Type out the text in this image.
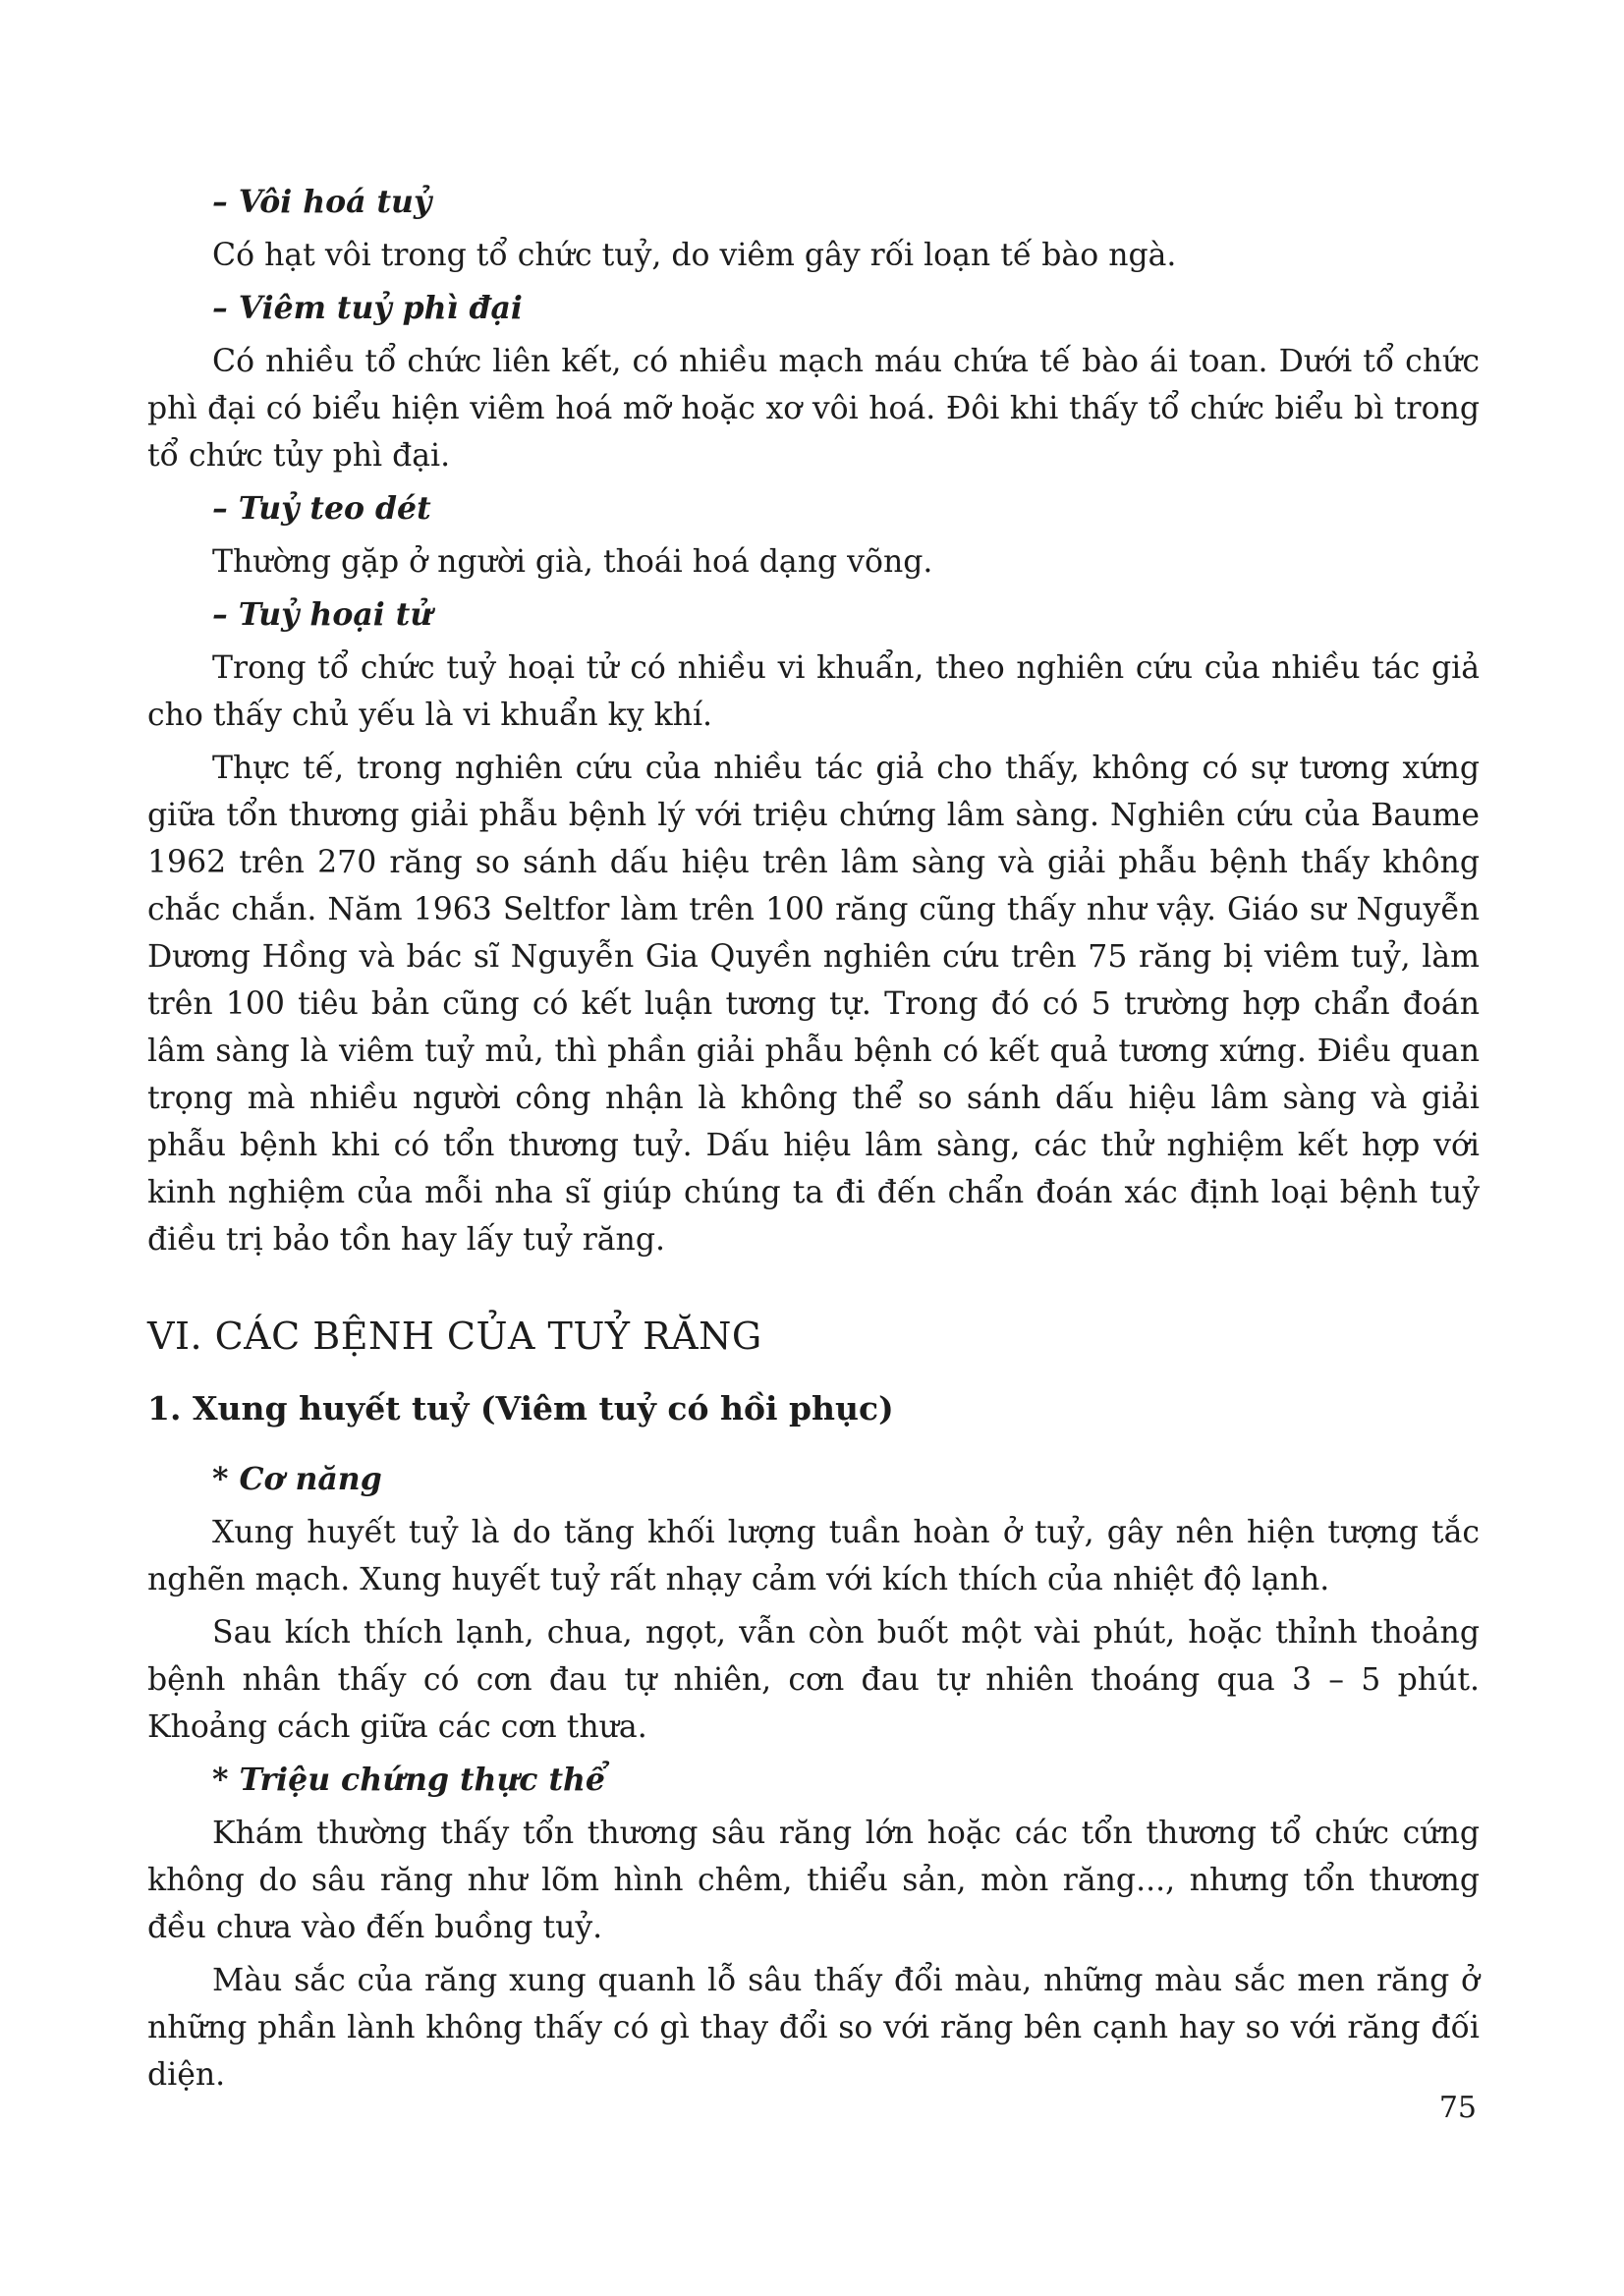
– Vôi hoá tuỷ

Có hạt vôi trong tổ chức tuỷ, do viêm gây rối loạn tế bào ngà.

– Viêm tuỷ phì đại

Có nhiều tổ chức liên kết, có nhiều mạch máu chứa tế bào ái toan. Dưới tổ chức phì đại có biểu hiện viêm hoá mỡ hoặc xơ vôi hoá. Đôi khi thấy tổ chức biểu bì trong tổ chức tủy phì đại.

– Tuỷ teo dét

Thường gặp ở người già, thoái hoá dạng võng.

– Tuỷ hoại tử

Trong tổ chức tuỷ hoại tử có nhiều vi khuẩn, theo nghiên cứu của nhiều tác giả cho thấy chủ yếu là vi khuẩn kỵ khí.

Thực tế, trong nghiên cứu của nhiều tác giả cho thấy, không có sự tương xứng giữa tổn thương giải phẫu bệnh lý với triệu chứng lâm sàng. Nghiên cứu của Baume 1962 trên 270 răng so sánh dấu hiệu trên lâm sàng và giải phẫu bệnh thấy không chắc chắn. Năm 1963 Seltfor làm trên 100 răng cũng thấy như vậy. Giáo sư Nguyễn Dương Hồng và bác sĩ Nguyễn Gia Quyền nghiên cứu trên 75 răng bị viêm tuỷ, làm trên 100 tiêu bản cũng có kết luận tương tự. Trong đó có 5 trường hợp chẩn đoán lâm sàng là viêm tuỷ mủ, thì phần giải phẫu bệnh có kết quả tương xứng. Điều quan trọng mà nhiều người công nhận là không thể so sánh dấu hiệu lâm sàng và giải phẫu bệnh khi có tổn thương tuỷ. Dấu hiệu lâm sàng, các thử nghiệm kết hợp với kinh nghiệm của mỗi nha sĩ giúp chúng ta đi đến chẩn đoán xác định loại bệnh tuỷ điều trị bảo tồn hay lấy tuỷ răng.

VI. CÁC BỆNH CỦA TUỶ RĂNG
1. Xung huyết tuỷ (Viêm tuỷ có hồi phục)

* Cơ năng

Xung huyết tuỷ là do tăng khối lượng tuần hoàn ở tuỷ, gây nên hiện tượng tắc nghẽn mạch. Xung huyết tuỷ rất nhạy cảm với kích thích của nhiệt độ lạnh.

Sau kích thích lạnh, chua, ngọt, vẫn còn buốt một vài phút, hoặc thỉnh thoảng bệnh nhân thấy có cơn đau tự nhiên, cơn đau tự nhiên thoáng qua 3 – 5 phút. Khoảng cách giữa các cơn thưa.

* Triệu chứng thực thể

Khám thường thấy tổn thương sâu răng lớn hoặc các tổn thương tổ chức cứng không do sâu răng như lõm hình chêm, thiểu sản, mòn răng..., nhưng tổn thương đều chưa vào đến buồng tuỷ.

Màu sắc của răng xung quanh lỗ sâu thấy đổi màu, những màu sắc men răng ở những phần lành không thấy có gì thay đổi so với răng bên cạnh hay so với răng đối diện.

75
